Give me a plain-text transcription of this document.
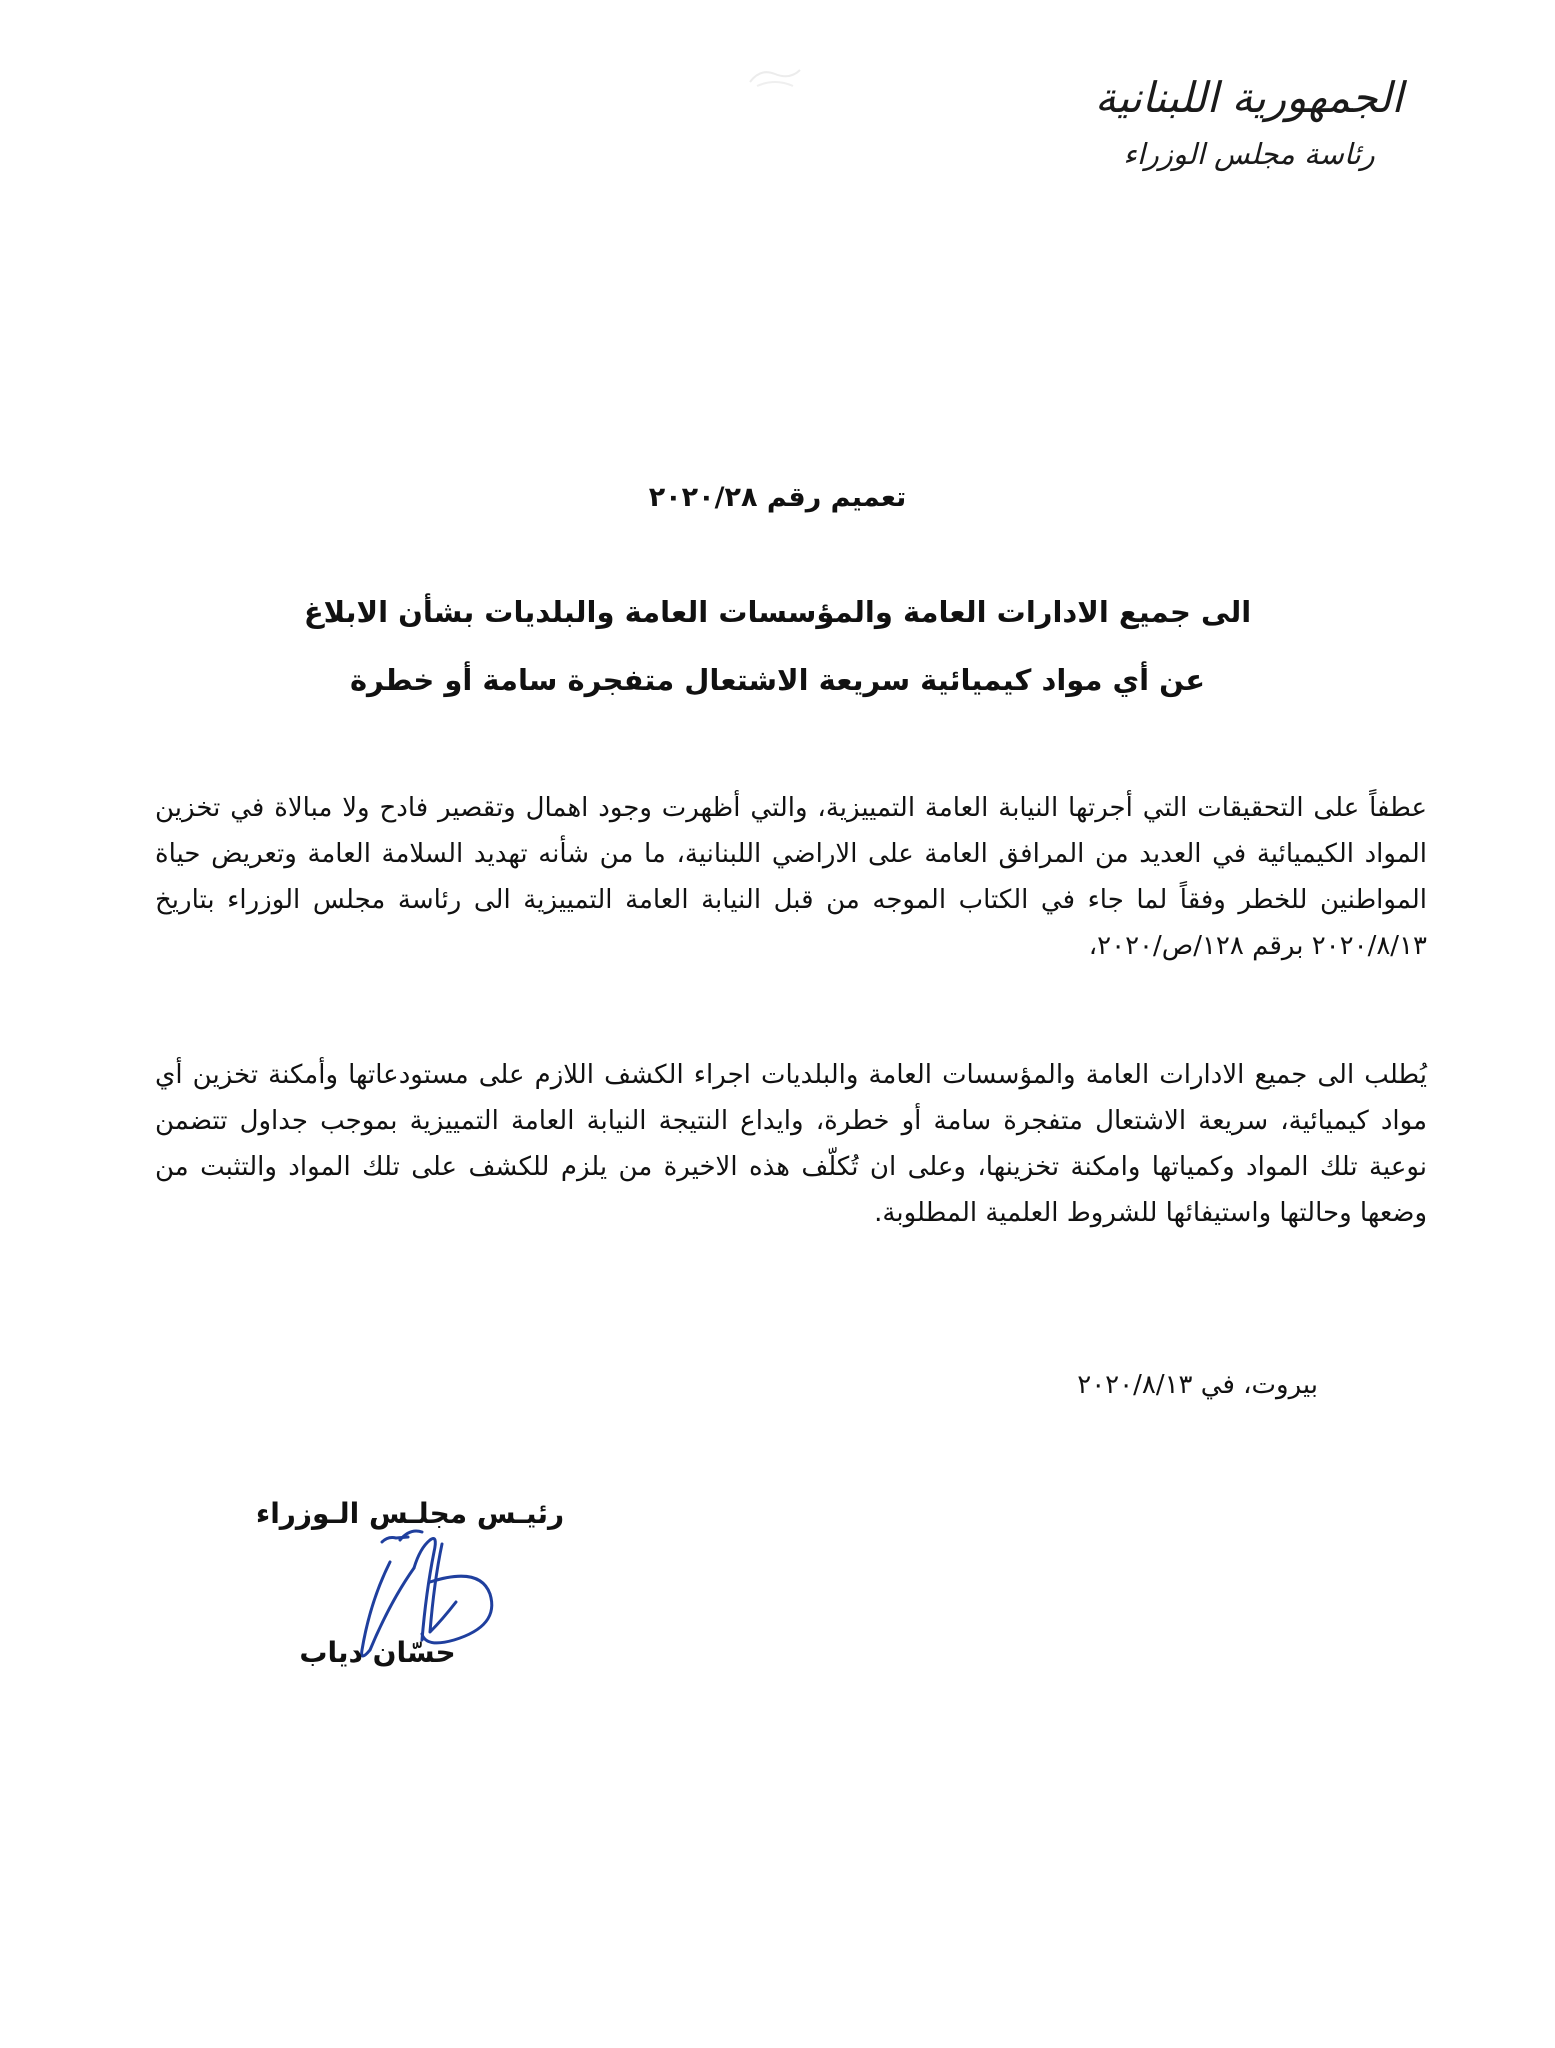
الجمهورية اللبنانية
رئاسة مجلس الوزراء
تعميم رقم ٢٠٢٠/٢٨
الى جميع الادارات العامة والمؤسسات العامة والبلديات بشأن الابلاغ
عن أي مواد كيميائية سريعة الاشتعال متفجرة سامة أو خطرة
عطفاً على التحقيقات التي أجرتها النيابة العامة التمييزية، والتي أظهرت وجود اهمال وتقصير فادح ولا مبالاة في تخزين المواد الكيميائية في العديد من المرافق العامة على الاراضي اللبنانية، ما من شأنه تهديد السلامة العامة وتعريض حياة المواطنين للخطر وفقاً لما جاء في الكتاب الموجه من قبل النيابة العامة التمييزية الى رئاسة مجلس الوزراء بتاريخ ٢٠٢٠/٨/١٣ برقم ١٢٨/ص/٢٠٢٠،
يُطلب الى جميع الادارات العامة والمؤسسات العامة والبلديات اجراء الكشف اللازم على مستودعاتها وأمكنة تخزين أي مواد كيميائية، سريعة الاشتعال متفجرة سامة أو خطرة، وايداع النتيجة النيابة العامة التمييزية بموجب جداول تتضمن نوعية تلك المواد وكمياتها وامكنة تخزينها، وعلى ان تُكلّف هذه الاخيرة من يلزم للكشف على تلك المواد والتثبت من وضعها وحالتها واستيفائها للشروط العلمية المطلوبة.
بيروت، في ٢٠٢٠/٨/١٣
رئيـس مجلـس الـوزراء
حسّان دياب
